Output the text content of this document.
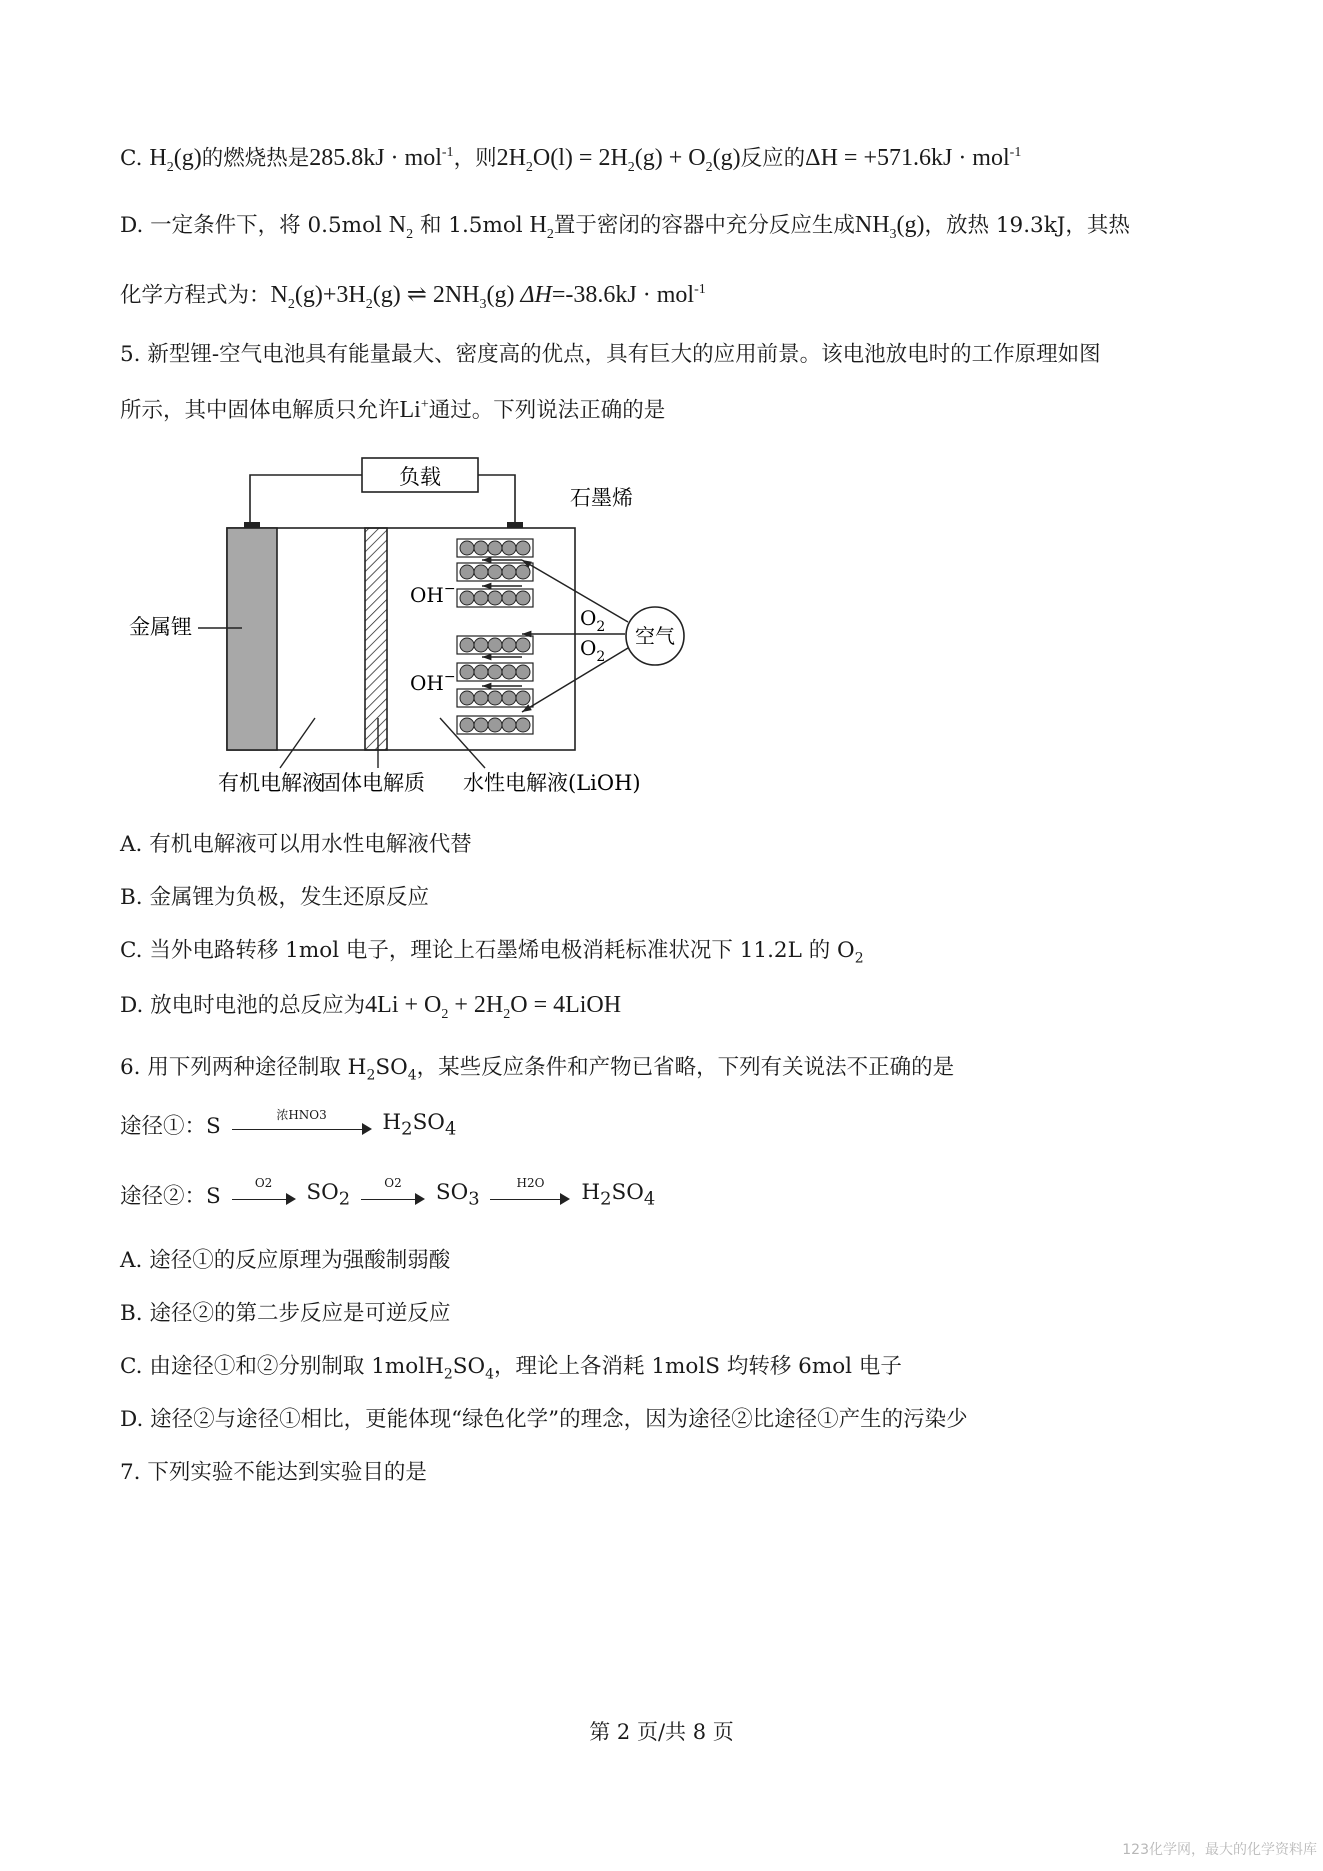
C. $H_2(g)$的燃烧热是285.8kJ · mol$^{-1}$，则$2H_2O(l) = 2H_2(g) + O_2(g)$反应的ΔH = +571.6kJ · mol$^{-1}$
D. 一定条件下，将 0.5mol $N_2$ 和 1.5mol $H_2$置于密闭的容器中充分反应生成$NH_3(g)$，放热 19.3kJ，其热
化学方程式为：$N_2(g)+3H_2(g)$ ⇌ $2NH_3(g) \Delta H=-38.6kJ \cdot mol^{-1}$
5. 新型锂-空气电池具有能量最大、密度高的优点，具有巨大的应用前景。该电池放电时的工作原理如图
所示，其中固体电解质只允许Li+通过。下列说法正确的是
负载
石墨烯
金属锂
OH−
OH−
$O_2$
$O_2$
空气
有机电解液
固体电解质 水性电解液(LiOH)
A. 有机电解液可以用水性电解液代替
B. 金属锂为负极，发生还原反应
C. 当外电路转移 1mol 电子，理论上石墨烯电极消耗标准状况下 11.2L 的 $O_2$
D. 放电时电池的总反应为$4Li + O_2 + 2H_2O$ = 4LiOH
6. 用下列两种途径制取 $H_2SO_4$，某些反应条件和产物已省略，下列有关说法不正确的是
途径①：S	浓HNO3	$H_2SO_4$
途径②：S
O2	$SO_2$
O2	$SO_3$
H2O	$H_2SO_4$
A. 途径①的反应原理为强酸制弱酸
B. 途径②的第二步反应是可逆反应
C. 由途径①和②分别制取 $1molH_2SO_4$，理论上各消耗 1molS 均转移 6mol 电子
D. 途径②与途径①相比，更能体现“绿色化学”的理念，因为途径②比途径①产生的污染少
7. 下列实验不能达到实验目的是
第 2 页/共 8 页
123化学网，最大的化学资料库
